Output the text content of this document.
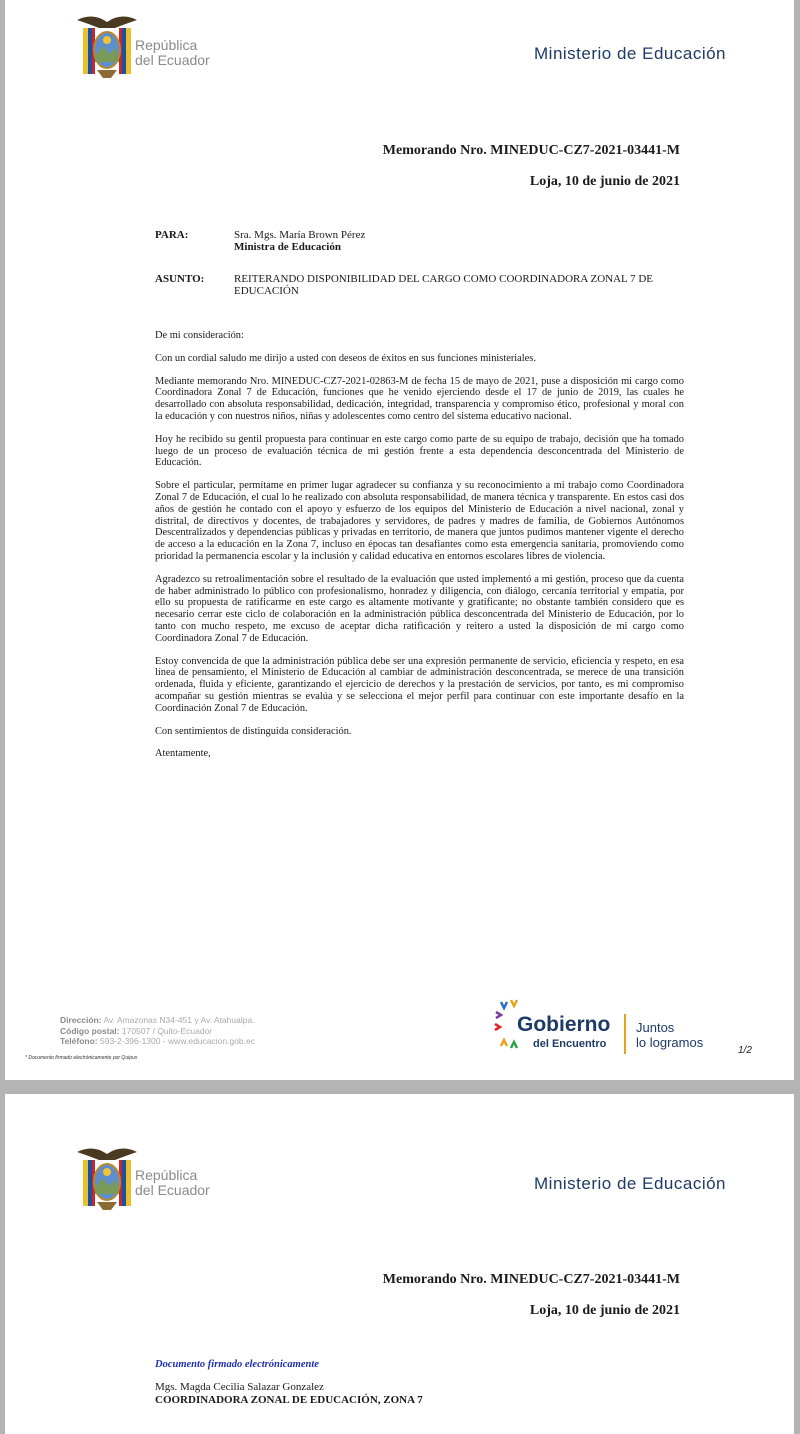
República
del Ecuador	Ministerio de Educación
Memorando Nro. MINEDUC-CZ7-2021-03441-M
Loja, 10 de junio de 2021
PARA:	Sra. Mgs. María Brown Pérez
Ministra de Educación
ASUNTO:	REITERANDO DISPONIBILIDAD DEL CARGO COMO COORDINADORA ZONAL 7 DE EDUCACIÓN

De mi consideración:

Con un cordial saludo me dirijo a usted con deseos de éxitos en sus funciones ministeriales.

Mediante memorando Nro. MINEDUC-CZ7-2021-02863-M de fecha 15 de mayo de 2021, puse a disposición mi cargo como Coordinadora Zonal 7 de Educación, funciones que he venido ejerciendo desde el 17 de junio de 2019, las cuales he desarrollado con absoluta responsabilidad, dedicación, integridad, transparencia y compromiso ético, profesional y moral con la educación y con nuestros niños, niñas y adolescentes como centro del sistema educativo nacional.

Hoy he recibido su gentil propuesta para continuar en este cargo como parte de su equipo de trabajo, decisión que ha tomado luego de un proceso de evaluación técnica de mi gestión frente a esta dependencia desconcentrada del Ministerio de Educación.

Sobre el particular, permítame en primer lugar agradecer su confianza y su reconocimiento a mi trabajo como Coordinadora Zonal 7 de Educación, el cual lo he realizado con absoluta responsabilidad, de manera técnica y transparente. En estos casi dos años de gestión he contado con el apoyo y esfuerzo de los equipos del Ministerio de Educación a nivel nacional, zonal y distrital, de directivos y docentes, de trabajadores y servidores, de padres y madres de familia, de Gobiernos Autónomos Descentralizados y dependencias públicas y privadas en territorio, de manera que juntos pudimos mantener vigente el derecho de acceso a la educación en la Zona 7, incluso en épocas tan desafiantes como esta emergencia sanitaria, promoviendo como prioridad la permanencia escolar y la inclusión y calidad educativa en entornos escolares libres de violencia.

Agradezco su retroalimentación sobre el resultado de la evaluación que usted implementó a mi gestión, proceso que da cuenta de haber administrado lo público con profesionalismo, honradez y diligencia, con diálogo, cercanía territorial y empatía, por ello su propuesta de ratificarme en este cargo es altamente motivante y gratificante; no obstante también considero que es necesario cerrar este ciclo de colaboración en la administración pública desconcentrada del Ministerio de Educación, por lo tanto con mucho respeto, me excuso de aceptar dicha ratificación y reitero a usted la disposición de mi cargo como Coordinadora Zonal 7 de Educación.

Estoy convencida de que la administración pública debe ser una expresión permanente de servicio, eficiencia y respeto, en esa línea de pensamiento, el Ministerio de Educación al cambiar de administración desconcentrada, se merece de una transición ordenada, fluida y eficiente, garantizando el ejercicio de derechos y la prestación de servicios, por tanto, es mi compromiso acompañar su gestión mientras se evalúa y se selecciona el mejor perfil para continuar con este importante desafío en la Coordinación Zonal 7 de Educación.

Con sentimientos de distinguida consideración.

Atentamente,

Dirección: Av. Amazonas N34-451 y Av. Atahualpa.
Código postal: 170507 / Quito-Ecuador
Teléfono: 593-2-396-1300 - www.educacion.gob.ec
* Documento firmado electrónicamente por Quipux
Gobierno
del Encuentro
Juntos
lo logramos
1/2
República
del Ecuador	Ministerio de Educación
Memorando Nro. MINEDUC-CZ7-2021-03441-M
Loja, 10 de junio de 2021
Documento firmado electrónicamente
Mgs. Magda Cecilia Salazar Gonzalez
COORDINADORA ZONAL DE EDUCACIÓN, ZONA 7
